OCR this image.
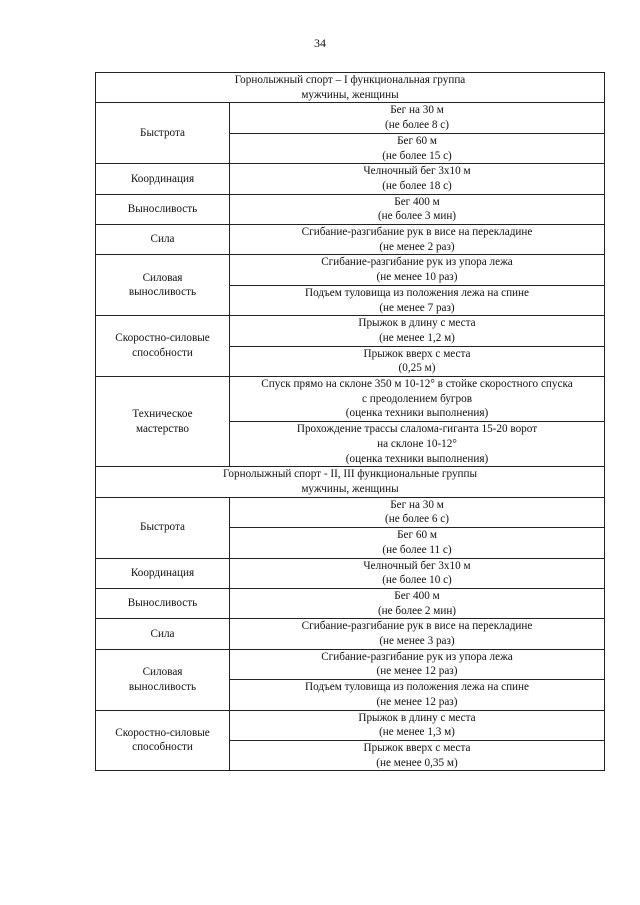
34
Горнолыжный спорт – I функциональная группа
мужчины, женщины	

Быстрота	Бег на 30 м
(не более 8 с)

	Бег 60 м
(не более 15 с)

Координация	Челночный бег 3х10 м
(не более 18 с)

Выносливость	Бег 400 м
(не более 3 мин)

Сила	Сгибание-разгибание рук в висе на перекладине
(не менее 2 раз)

Силовая
выносливость	Сгибание-разгибание рук из упора лежа
(не менее 10 раз)

	Подъем туловища из положения лежа на спине
(не менее 7 раз)

Скоростно-силовые
способности	Прыжок в длину с места
(не менее 1,2 м)

	Прыжок вверх с места
(0,25 м)

Техническое
мастерство	Спуск прямо на склоне 350 м 10-12° в стойке скоростного спуска
с преодолением бугров
(оценка техники выполнения)

	Прохождение трассы слалома-гиганта 15-20 ворот
на склоне 10-12°
(оценка техники выполнения)

Горнолыжный спорт - II, III функциональные группы
мужчины, женщины	

Быстрота	Бег на 30 м
(не более 6 с)

	Бег 60 м
(не более 11 с)

Координация	Челночный бег 3х10 м
(не более 10 с)

Выносливость	Бег 400 м
(не более 2 мин)

Сила	Сгибание-разгибание рук в висе на перекладине
(не менее 3 раз)

Силовая
выносливость	Сгибание-разгибание рук из упора лежа
(не менее 12 раз)

	Подъем туловища из положения лежа на спине
(не менее 12 раз)

Скоростно-силовые
способности	Прыжок в длину с места
(не менее 1,3 м)

	Прыжок вверх с места
(не менее 0,35 м)
